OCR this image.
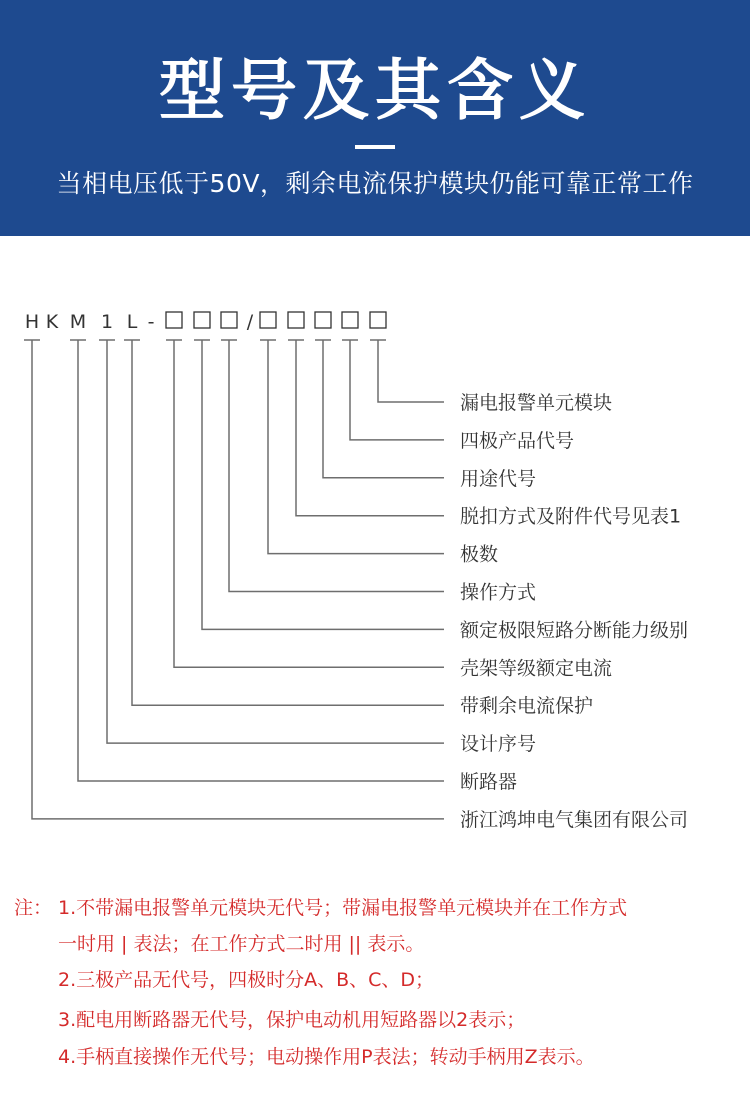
型号及其含义
当相电压低于50V，剩余电流保护模块仍能可靠正常工作
H K M 1 L -	/
漏电报警单元模块
四极产品代号
用途代号
脱扣方式及附件代号见表1
极数
操作方式
额定极限短路分断能力级别
壳架等级额定电流
带剩余电流保护
设计序号
断路器
浙江鸿坤电气集团有限公司
注： 1.不带漏电报警单元模块无代号；带漏电报警单元模块并在工作方式
一时用 | 表法；在工作方式二时用 || 表示。
2.三极产品无代号，四极时分A、B、C、D；
3.配电用断路器无代号，保护电动机用短路器以2表示；
4.手柄直接操作无代号；电动操作用P表法；转动手柄用Z表示。
